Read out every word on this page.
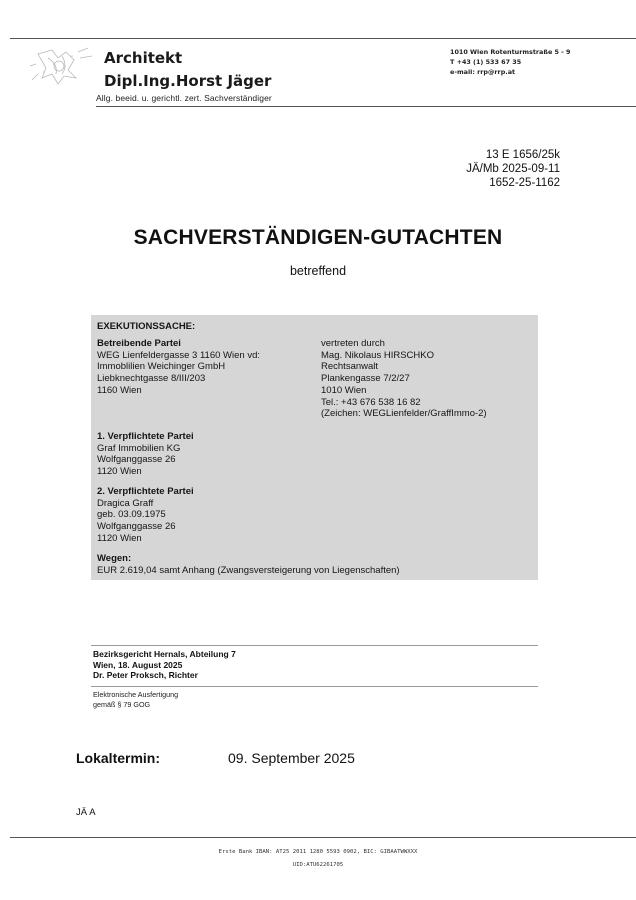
Architekt
Dipl.Ing.Horst Jäger
Allg. beeid. u. gerichtl. zert. Sachverständiger
1010 Wien Rotenturmstraße 5 - 9
T +43 (1) 533 67 35
e-mail: rrp@rrp.at
13 E 1656/25k
JÄ/Mb 2025-09-11
1652-25-1162
SACHVERSTÄNDIGEN-GUTACHTEN
betreffend
EXEKUTIONSSACHE:
Betreibende Partei
WEG Lienfeldergasse 3 1160 Wien vd:
Immoblilien Weichinger GmbH
Liebknechtgasse 8/III/203
1160 Wien
vertreten durch
Mag. Nikolaus HIRSCHKO
Rechtsanwalt
Plankengasse 7/2/27
1010 Wien
Tel.: +43 676 538 16 82
(Zeichen: WEGLienfelder/GraffImmo-2)
1. Verpflichtete Partei
Graf Immobilien KG
Wolfganggasse 26
1120 Wien
2. Verpflichtete Partei
Dragica Graff
geb. 03.09.1975
Wolfganggasse 26
1120 Wien
Wegen:
EUR 2.619,04 samt Anhang (Zwangsversteigerung von Liegenschaften)
Bezirksgericht Hernals, Abteilung 7
Wien, 18. August 2025
Dr. Peter Proksch, Richter
Elektronische Ausfertigung
gemäß § 79 GOG
Lokaltermin:	09. September 2025
JÄ A
Erste Bank IBAN: AT25 2011 1280 5593 0902, BIC: GIBAATWWXXX
UID:ATU62261705
